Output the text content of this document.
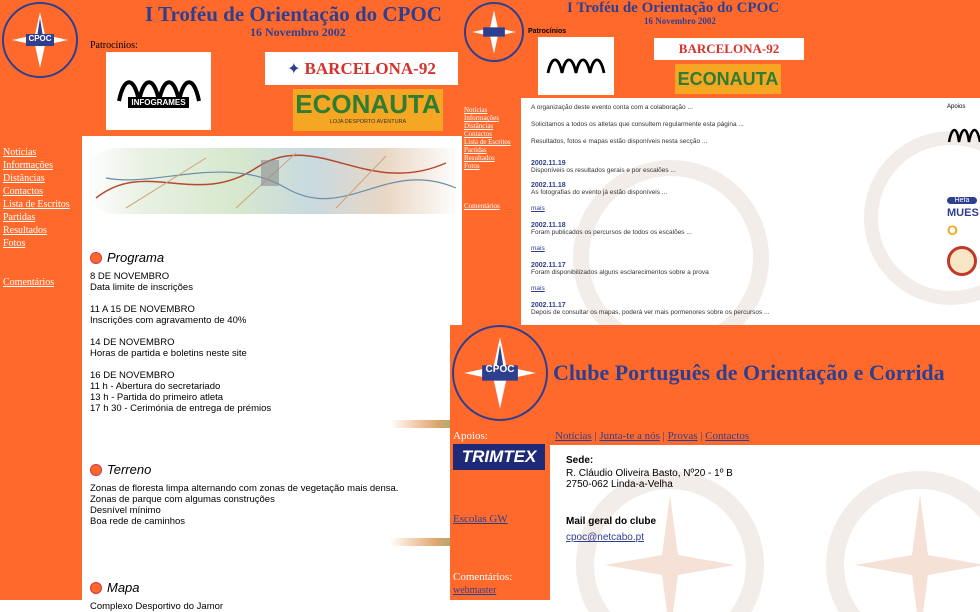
CPOC
I Troféu de Orientação do CPOC
16 Novembro 2002
Patrocínios:
INFOGRAMES
✦ BARCELONA-92
ECONAUTA
LOJA DESPORTO AVENTURA
Notícias
Informações
Distâncias
Contactos
Lista de Escritos
Partidas
Resultados
Fotos
Comentários
Programa
8 DE NOVEMBRO
Data limite de inscrições
11 A 15 DE NOVEMBRO
Inscrições com agravamento de 40%
14 DE NOVEMBRO
Horas de partida e boletins neste site
16 DE NOVEMBRO
11 h - Abertura do secretariado
13 h - Partida do primeiro atleta
17 h 30 - Cerimónia de entrega de prémios
Terreno
Zonas de floresta limpa alternando com zonas de vegetação mais densa.
Zonas de parque com algumas construções
Desnível mínimo
Boa rede de caminhos
Mapa
Complexo Desportivo do Jamor
I Troféu de Orientação do CPOC
16 Novembro 2002
Patrocínios
BARCELONA-92
ECONAUTA
Notícias
Informações
Distâncias
Contactos
Lista de Escritos
Partidas
Resultados
Fotos
Comentários
A organização deste evento conta com a colaboração ...
Solicitamos a todos os atletas que consultem regularmente esta página ...
Resultados, fotos e mapas estão disponíveis nesta secção ...
2002.11.19
Disponíveis os resultados gerais e por escalões ...
2002.11.18
As fotografias do evento já estão disponíveis ...
mais
2002.11.18
Foram publicados os percursos de todos os escalões ...
mais
2002.11.17
Foram disponibilizados alguns esclarecimentos sobre a prova
mais
2002.11.17
Depois de consultar os mapas, poderá ver mais pormenores sobre os percursos ...
Apoios
Hefa
MUES
O
CPOC Clube Português de Orientação e Corrida
Apoios:
TRIMTEX
Escolas GW
Comentários:
webmaster
Notícias | Junta-te a nós | Provas | Contactos
Sede:
R. Cláudio Oliveira Basto, Nº20 - 1º B
2750-062 Linda-a-Velha
Mail geral do clube
cpoc@netcabo.pt
